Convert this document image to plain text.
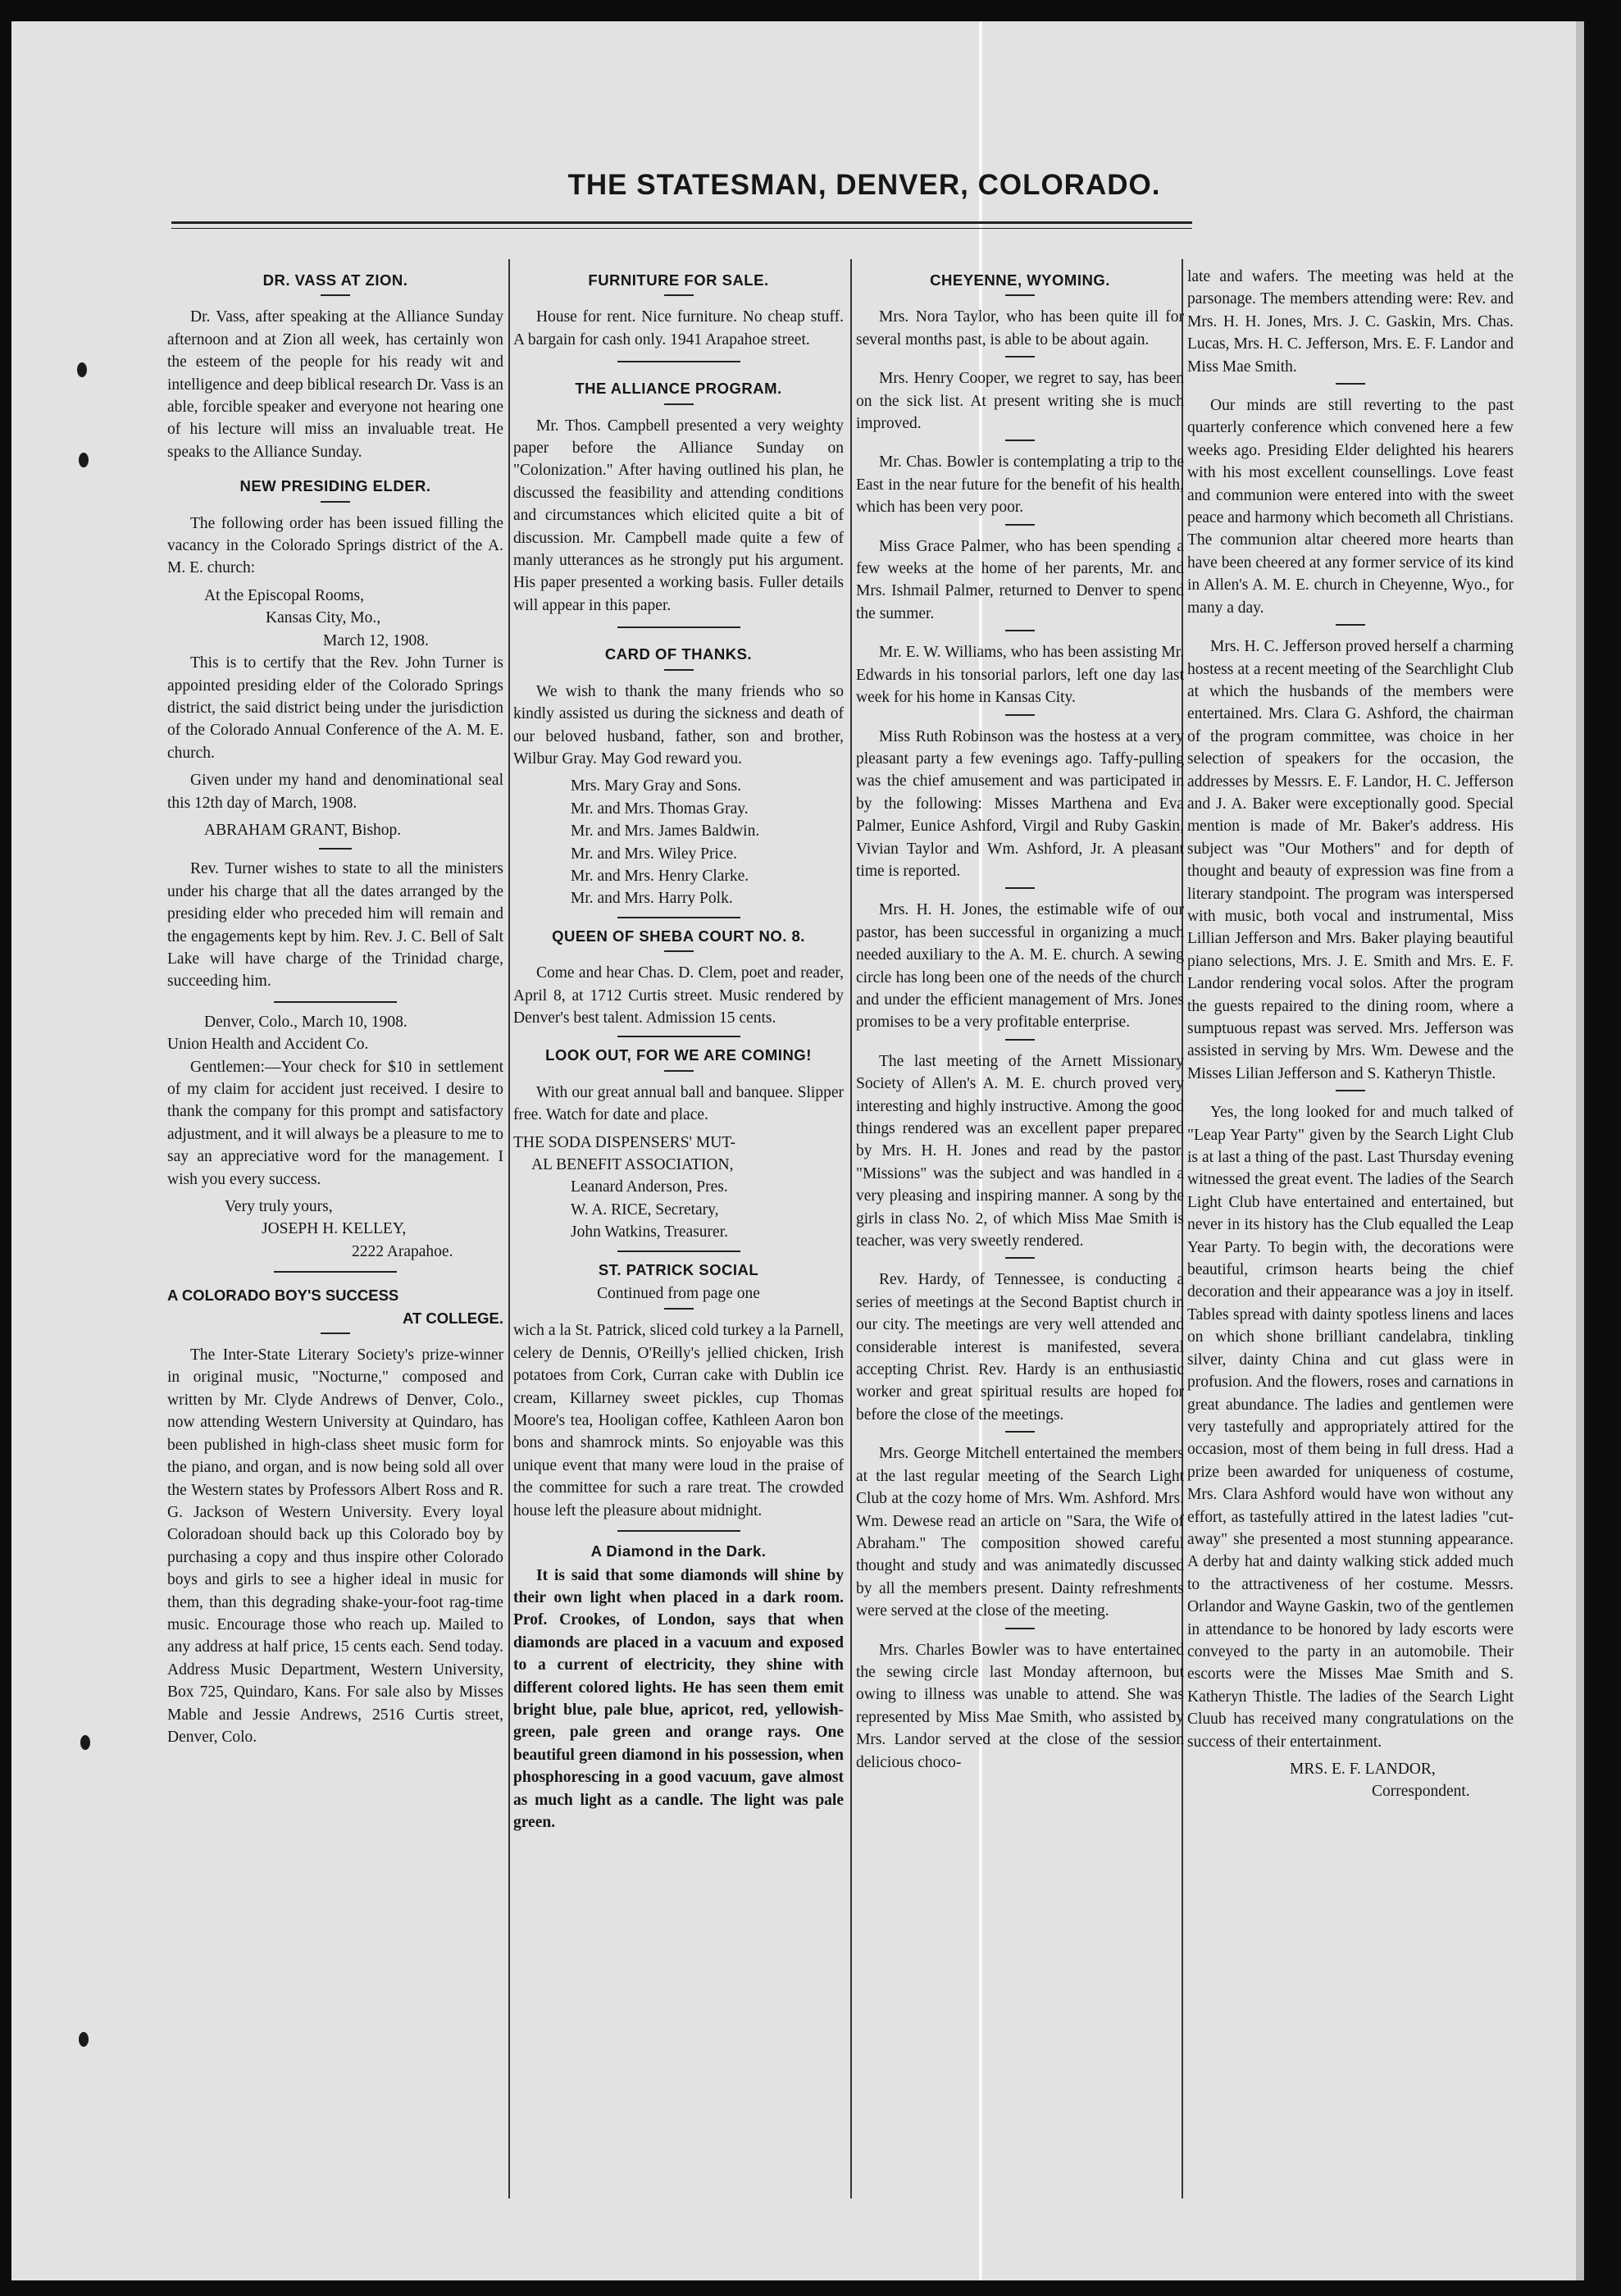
THE STATESMAN, DENVER, COLORADO.
DR. VASS AT ZION.

Dr. Vass, after speaking at the Alliance Sunday afternoon and at Zion all week, has certainly won the esteem of the people for his ready wit and intelligence and deep biblical research Dr. Vass is an able, forcible speaker and everyone not hearing one of his lecture will miss an invaluable treat. He speaks to the Alliance Sunday.

NEW PRESIDING ELDER.

The following order has been issued filling the vacancy in the Colorado Springs district of the A. M. E. church:

At the Episcopal Rooms,
Kansas City, Mo.,
March 12, 1908.

This is to certify that the Rev. John Turner is appointed presiding elder of the Colorado Springs district, the said district being under the jurisdiction of the Colorado Annual Conference of the A. M. E. church.

Given under my hand and denominational seal this 12th day of March, 1908.

ABRAHAM GRANT, Bishop.

Rev. Turner wishes to state to all the ministers under his charge that all the dates arranged by the presiding elder who preceded him will remain and the engagements kept by him. Rev. J. C. Bell of Salt Lake will have charge of the Trinidad charge, succeeding him.

Denver, Colo., March 10, 1908.
Union Health and Accident Co.

Gentlemen:—Your check for $10 in settlement of my claim for accident just received. I desire to thank the company for this prompt and satisfactory adjustment, and it will always be a pleasure to me to say an appreciative word for the management. I wish you every success.

Very truly yours,
JOSEPH H. KELLEY,
2222 Arapahoe.
A COLORADO BOY'S SUCCESS
AT COLLEGE.

The Inter-State Literary Society's prize-winner in original music, "Nocturne," composed and written by Mr. Clyde Andrews of Denver, Colo., now attending Western University at Quindaro, has been published in high-class sheet music form for the piano, and organ, and is now being sold all over the Western states by Professors Albert Ross and R. G. Jackson of Western University. Every loyal Coloradoan should back up this Colorado boy by purchasing a copy and thus inspire other Colorado boys and girls to see a higher ideal in music for them, than this degrading shake-your-foot rag-time music. Encourage those who reach up. Mailed to any address at half price, 15 cents each. Send today. Address Music Department, Western University, Box 725, Quindaro, Kans. For sale also by Misses Mable and Jessie Andrews, 2516 Curtis street, Denver, Colo.

FURNITURE FOR SALE.

House for rent. Nice furniture. No cheap stuff. A bargain for cash only. 1941 Arapahoe street.

THE ALLIANCE PROGRAM.

Mr. Thos. Campbell presented a very weighty paper before the Alliance Sunday on "Colonization." After having outlined his plan, he discussed the feasibility and attending conditions and circumstances which elicited quite a bit of discussion. Mr. Campbell made quite a few of manly utterances as he strongly put his argument. His paper presented a working basis. Fuller details will appear in this paper.

CARD OF THANKS.

We wish to thank the many friends who so kindly assisted us during the sickness and death of our beloved husband, father, son and brother, Wilbur Gray. May God reward you.

Mrs. Mary Gray and Sons.
Mr. and Mrs. Thomas Gray.
Mr. and Mrs. James Baldwin.
Mr. and Mrs. Wiley Price.
Mr. and Mrs. Henry Clarke.
Mr. and Mrs. Harry Polk.
QUEEN OF SHEBA COURT NO. 8.

Come and hear Chas. D. Clem, poet and reader, April 8, at 1712 Curtis street. Music rendered by Denver's best talent. Admission 15 cents.

LOOK OUT, FOR WE ARE COMING!

With our great annual ball and banquee. Slipper free. Watch for date and place.

THE SODA DISPENSERS' MUT-
AL BENEFIT ASSOCIATION,
Leanard Anderson, Pres.
W. A. RICE, Secretary,
John Watkins, Treasurer.
ST. PATRICK SOCIAL
Continued from page one

wich a la St. Patrick, sliced cold turkey a la Parnell, celery de Dennis, O'Reilly's jellied chicken, Irish potatoes from Cork, Curran cake with Dublin ice cream, Killarney sweet pickles, cup Thomas Moore's tea, Hooligan coffee, Kathleen Aaron bon bons and shamrock mints. So enjoyable was this unique event that many were loud in the praise of the committee for such a rare treat. The crowded house left the pleasure about midnight.

A Diamond in the Dark.

It is said that some diamonds will shine by their own light when placed in a dark room. Prof. Crookes, of London, says that when diamonds are placed in a vacuum and exposed to a current of electricity, they shine with different colored lights. He has seen them emit bright blue, pale blue, apricot, red, yellowish-green, pale green and orange rays. One beautiful green diamond in his possession, when phosphorescing in a good vacuum, gave almost as much light as a candle. The light was pale green.

CHEYENNE, WYOMING.

Mrs. Nora Taylor, who has been quite ill for several months past, is able to be about again.

Mrs. Henry Cooper, we regret to say, has been on the sick list. At present writing she is much improved.

Mr. Chas. Bowler is contemplating a trip to the East in the near future for the benefit of his health, which has been very poor.

Miss Grace Palmer, who has been spending a few weeks at the home of her parents, Mr. and Mrs. Ishmail Palmer, returned to Denver to spend the summer.

Mr. E. W. Williams, who has been assisting Mr. Edwards in his tonsorial parlors, left one day last week for his home in Kansas City.

Miss Ruth Robinson was the hostess at a very pleasant party a few evenings ago. Taffy-pulling was the chief amusement and was participated in by the following: Misses Marthena and Eva Palmer, Eunice Ashford, Virgil and Ruby Gaskin, Vivian Taylor and Wm. Ashford, Jr. A pleasant time is reported.

Mrs. H. H. Jones, the estimable wife of our pastor, has been successful in organizing a much needed auxiliary to the A. M. E. church. A sewing circle has long been one of the needs of the church and under the efficient management of Mrs. Jones promises to be a very profitable enterprise.

The last meeting of the Arnett Missionary Society of Allen's A. M. E. church proved very interesting and highly instructive. Among the good things rendered was an excellent paper prepared by Mrs. H. H. Jones and read by the pastor. "Missions" was the subject and was handled in a very pleasing and inspiring manner. A song by the girls in class No. 2, of which Miss Mae Smith is teacher, was very sweetly rendered.

Rev. Hardy, of Tennessee, is conducting a series of meetings at the Second Baptist church in our city. The meetings are very well attended and considerable interest is manifested, several accepting Christ. Rev. Hardy is an enthusiastic worker and great spiritual results are hoped for before the close of the meetings.

Mrs. George Mitchell entertained the members at the last regular meeting of the Search Light Club at the cozy home of Mrs. Wm. Ashford. Mrs. Wm. Dewese read an article on "Sara, the Wife of Abraham." The composition showed careful thought and study and was animatedly discussed by all the members present. Dainty refreshments were served at the close of the meeting.

Mrs. Charles Bowler was to have entertained the sewing circle last Monday afternoon, but owing to illness was unable to attend. She was represented by Miss Mae Smith, who assisted by Mrs. Landor served at the close of the session delicious choco-

late and wafers. The meeting was held at the parsonage. The members attending were: Rev. and Mrs. H. H. Jones, Mrs. J. C. Gaskin, Mrs. Chas. Lucas, Mrs. H. C. Jefferson, Mrs. E. F. Landor and Miss Mae Smith.

Our minds are still reverting to the past quarterly conference which convened here a few weeks ago. Presiding Elder delighted his hearers with his most excellent counsellings. Love feast and communion were entered into with the sweet peace and harmony which becometh all Christians. The communion altar cheered more hearts than have been cheered at any former service of its kind in Allen's A. M. E. church in Cheyenne, Wyo., for many a day.

Mrs. H. C. Jefferson proved herself a charming hostess at a recent meeting of the Searchlight Club at which the husbands of the members were entertained. Mrs. Clara G. Ashford, the chairman of the program committee, was choice in her selection of speakers for the occasion, the addresses by Messrs. E. F. Landor, H. C. Jefferson and J. A. Baker were exceptionally good. Special mention is made of Mr. Baker's address. His subject was "Our Mothers" and for depth of thought and beauty of expression was fine from a literary standpoint. The program was interspersed with music, both vocal and instrumental, Miss Lillian Jefferson and Mrs. Baker playing beautiful piano selections, Mrs. J. E. Smith and Mrs. E. F. Landor rendering vocal solos. After the program the guests repaired to the dining room, where a sumptuous repast was served. Mrs. Jefferson was assisted in serving by Mrs. Wm. Dewese and the Misses Lilian Jefferson and S. Katheryn Thistle.

Yes, the long looked for and much talked of "Leap Year Party" given by the Search Light Club is at last a thing of the past. Last Thursday evening witnessed the great event. The ladies of the Search Light Club have entertained and entertained, but never in its history has the Club equalled the Leap Year Party. To begin with, the decorations were beautiful, crimson hearts being the chief decoration and their appearance was a joy in itself. Tables spread with dainty spotless linens and laces on which shone brilliant candelabra, tinkling silver, dainty China and cut glass were in profusion. And the flowers, roses and carnations in great abundance. The ladies and gentlemen were very tastefully and appropriately attired for the occasion, most of them being in full dress. Had a prize been awarded for uniqueness of costume, Mrs. Clara Ashford would have won without any effort, as tastefully attired in the latest ladies "cut-away" she presented a most stunning appearance. A derby hat and dainty walking stick added much to the attractiveness of her costume. Messrs. Orlandor and Wayne Gaskin, two of the gentlemen in attendance to be honored by lady escorts were conveyed to the party in an automobile. Their escorts were the Misses Mae Smith and S. Katheryn Thistle. The ladies of the Search Light Cluub has received many congratulations on the success of their entertainment.

MRS. E. F. LANDOR,
Correspondent.
